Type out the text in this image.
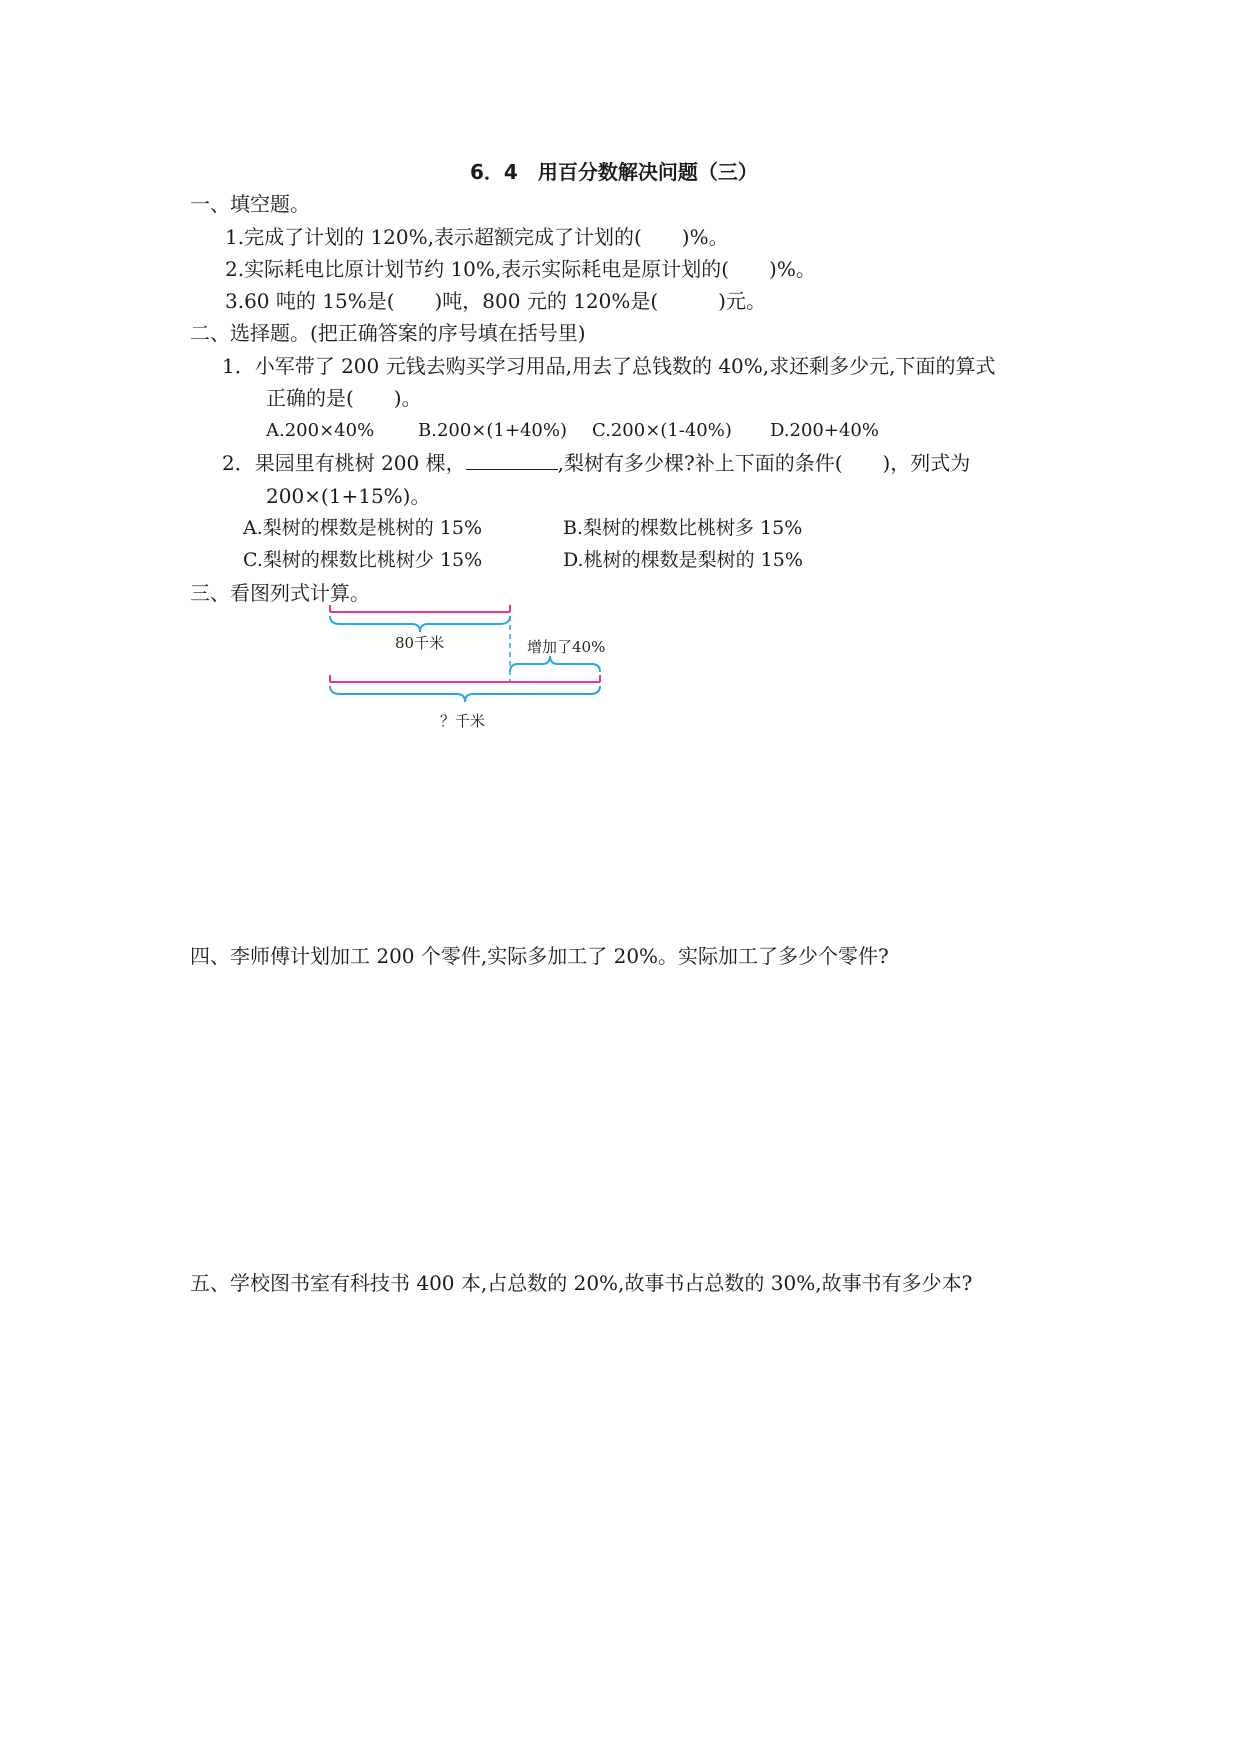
6．4　用百分数解决问题（三）
一、填空题。
1.完成了计划的 120%,表示超额完成了计划的(　　)%。
2.实际耗电比原计划节约 10%,表示实际耗电是原计划的(　　)%。
3.60 吨的 15%是(　　)吨，800 元的 120%是(　　　)元。
二、选择题。(把正确答案的序号填在括号里)
1．小军带了 200 元钱去购买学习用品,用去了总钱数的 40%,求还剩多少元,下面的算式
正确的是(　　)。
A.200×40% B.200×(1+40%) C.200×(1-40%) D.200+40%
2．果园里有桃树 200 棵，	,梨树有多少棵?补上下面的条件(　　)，列式为
200×(1+15%)。
A.梨树的棵数是桃树的 15%	B.梨树的棵数比桃树多 15%
C.梨树的棵数比桃树少 15%	D.桃树的棵数是梨树的 15%
三、看图列式计算。
80千米	增加了40%
？千米
四、李师傅计划加工 200 个零件,实际多加工了 20%。实际加工了多少个零件?
五、学校图书室有科技书 400 本,占总数的 20%,故事书占总数的 30%,故事书有多少本?
